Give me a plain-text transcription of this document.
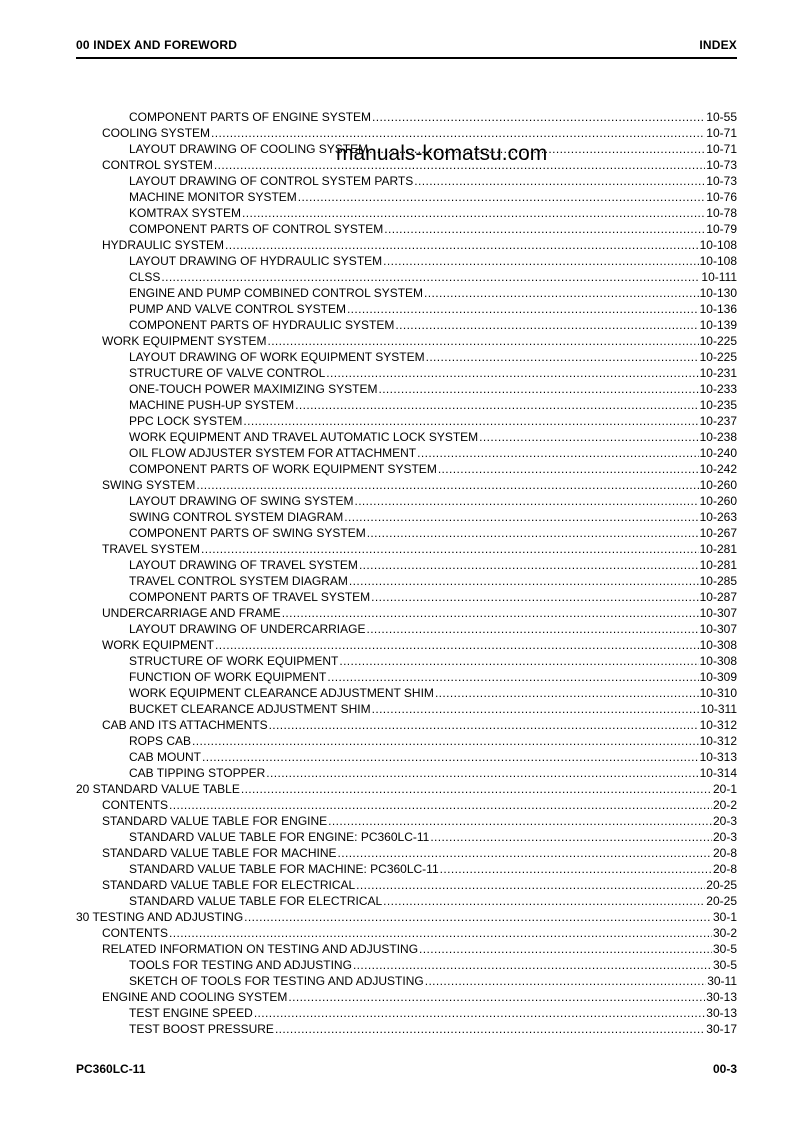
00 INDEX AND FOREWORD	INDEX
COMPONENT PARTS OF ENGINE SYSTEM .....	10-55
COOLING SYSTEM .....	10-71
LAYOUT DRAWING OF COOLING SYSTEM .....	10-71
CONTROL SYSTEM .....	10-73
LAYOUT DRAWING OF CONTROL SYSTEM PARTS .....	10-73
MACHINE MONITOR SYSTEM .....	10-76
KOMTRAX SYSTEM .....	10-78
COMPONENT PARTS OF CONTROL SYSTEM .....	10-79
HYDRAULIC SYSTEM .....	10-108
LAYOUT DRAWING OF HYDRAULIC SYSTEM .....	10-108
CLSS .....	10-111
ENGINE AND PUMP COMBINED CONTROL SYSTEM .....	10-130
PUMP AND VALVE CONTROL SYSTEM .....	10-136
COMPONENT PARTS OF HYDRAULIC SYSTEM .....	10-139
WORK EQUIPMENT SYSTEM .....	10-225
LAYOUT DRAWING OF WORK EQUIPMENT SYSTEM .....	10-225
STRUCTURE OF VALVE CONTROL .....	10-231
ONE-TOUCH POWER MAXIMIZING SYSTEM .....	10-233
MACHINE PUSH-UP SYSTEM .....	10-235
PPC LOCK SYSTEM .....	10-237
WORK EQUIPMENT AND TRAVEL AUTOMATIC LOCK SYSTEM .....	10-238
OIL FLOW ADJUSTER SYSTEM FOR ATTACHMENT .....	10-240
COMPONENT PARTS OF WORK EQUIPMENT SYSTEM .....	10-242
SWING SYSTEM .....	10-260
LAYOUT DRAWING OF SWING SYSTEM .....	10-260
SWING CONTROL SYSTEM DIAGRAM .....	10-263
COMPONENT PARTS OF SWING SYSTEM .....	10-267
TRAVEL SYSTEM .....	10-281
LAYOUT DRAWING OF TRAVEL SYSTEM .....	10-281
TRAVEL CONTROL SYSTEM DIAGRAM .....	10-285
COMPONENT PARTS OF TRAVEL SYSTEM .....	10-287
UNDERCARRIAGE AND FRAME .....	10-307
LAYOUT DRAWING OF UNDERCARRIAGE .....	10-307
WORK EQUIPMENT .....	10-308
STRUCTURE OF WORK EQUIPMENT .....	10-308
FUNCTION OF WORK EQUIPMENT .....	10-309
WORK EQUIPMENT CLEARANCE ADJUSTMENT SHIM .....	10-310
BUCKET CLEARANCE ADJUSTMENT SHIM .....	10-311
CAB AND ITS ATTACHMENTS .....	10-312
ROPS CAB .....	10-312
CAB MOUNT .....	10-313
CAB TIPPING STOPPER .....	10-314
20 STANDARD VALUE TABLE .....	20-1
CONTENTS .....	20-2
STANDARD VALUE TABLE FOR ENGINE .....	20-3
STANDARD VALUE TABLE FOR ENGINE: PC360LC-11 .....	20-3
STANDARD VALUE TABLE FOR MACHINE .....	20-8
STANDARD VALUE TABLE FOR MACHINE: PC360LC-11 .....	20-8
STANDARD VALUE TABLE FOR ELECTRICAL .....	20-25
STANDARD VALUE TABLE FOR ELECTRICAL .....	20-25
30 TESTING AND ADJUSTING .....	30-1
CONTENTS .....	30-2
RELATED INFORMATION ON TESTING AND ADJUSTING .....	30-5
TOOLS FOR TESTING AND ADJUSTING .....	30-5
SKETCH OF TOOLS FOR TESTING AND ADJUSTING .....	30-11
ENGINE AND COOLING SYSTEM .....	30-13
TEST ENGINE SPEED .....	30-13
TEST BOOST PRESSURE .....	30-17
manuals-komatsu.com
PC360LC-11	00-3
